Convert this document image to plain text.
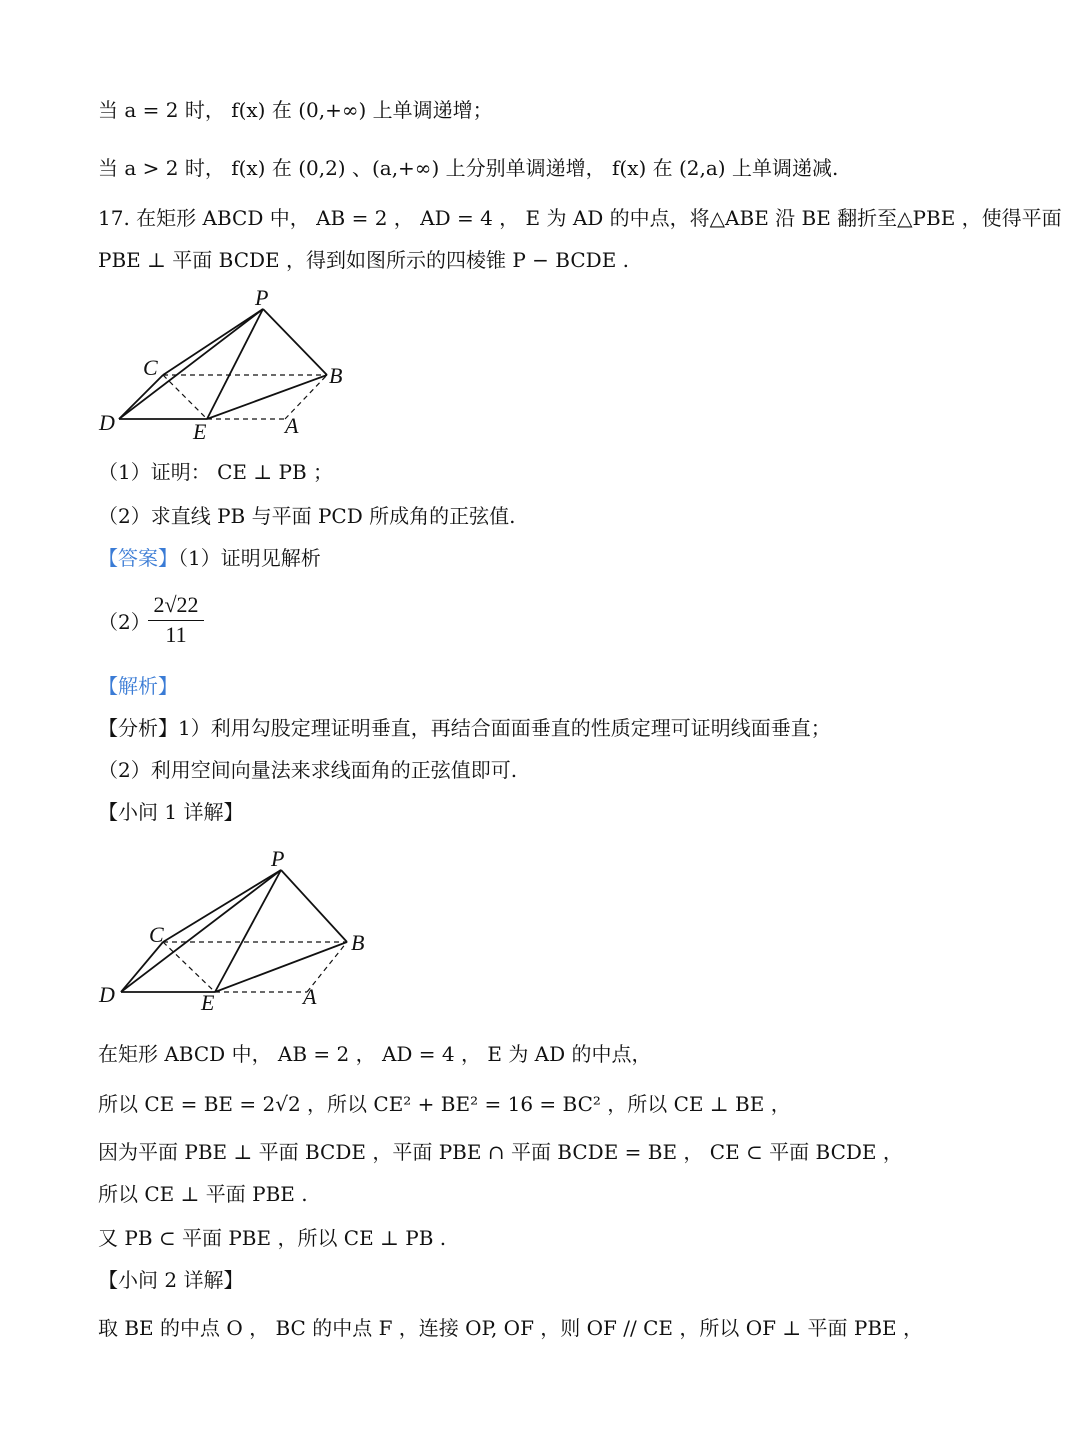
当 a = 2 时， f(x) 在 (0,+∞) 上单调递增；
当 a > 2 时， f(x) 在 (0,2) 、(a,+∞) 上分别单调递增， f(x) 在 (2,a) 上单调递减.
17. 在矩形 ABCD 中， AB = 2 ， AD = 4 ， E 为 AD 的中点，将△ABE 沿 BE 翻折至△PBE ，使得平面
PBE ⊥ 平面 BCDE ，得到如图所示的四棱锥 P − BCDE .
P
C	B
D	E	A
（1）证明： CE ⊥ PB ；
（2）求直线 PB 与平面 PCD 所成角的正弦值.
【答案】（1）证明见解析
（2）
2√22
11
【解析】
【分析】1）利用勾股定理证明垂直，再结合面面垂直的性质定理可证明线面垂直；
（2）利用空间向量法来求线面角的正弦值即可.
【小问 1 详解】
P
C	B
D	E	A
在矩形 ABCD 中， AB = 2 ， AD = 4 ， E 为 AD 的中点，
所以 CE = BE = 2√2 ，所以 CE² + BE² = 16 = BC² ，所以 CE ⊥ BE ，
因为平面 PBE ⊥ 平面 BCDE ，平面 PBE ∩ 平面 BCDE = BE ， CE ⊂ 平面 BCDE ，
所以 CE ⊥ 平面 PBE .
又 PB ⊂ 平面 PBE ，所以 CE ⊥ PB .
【小问 2 详解】
取 BE 的中点 O ， BC 的中点 F ，连接 OP, OF ，则 OF // CE ，所以 OF ⊥ 平面 PBE ，
